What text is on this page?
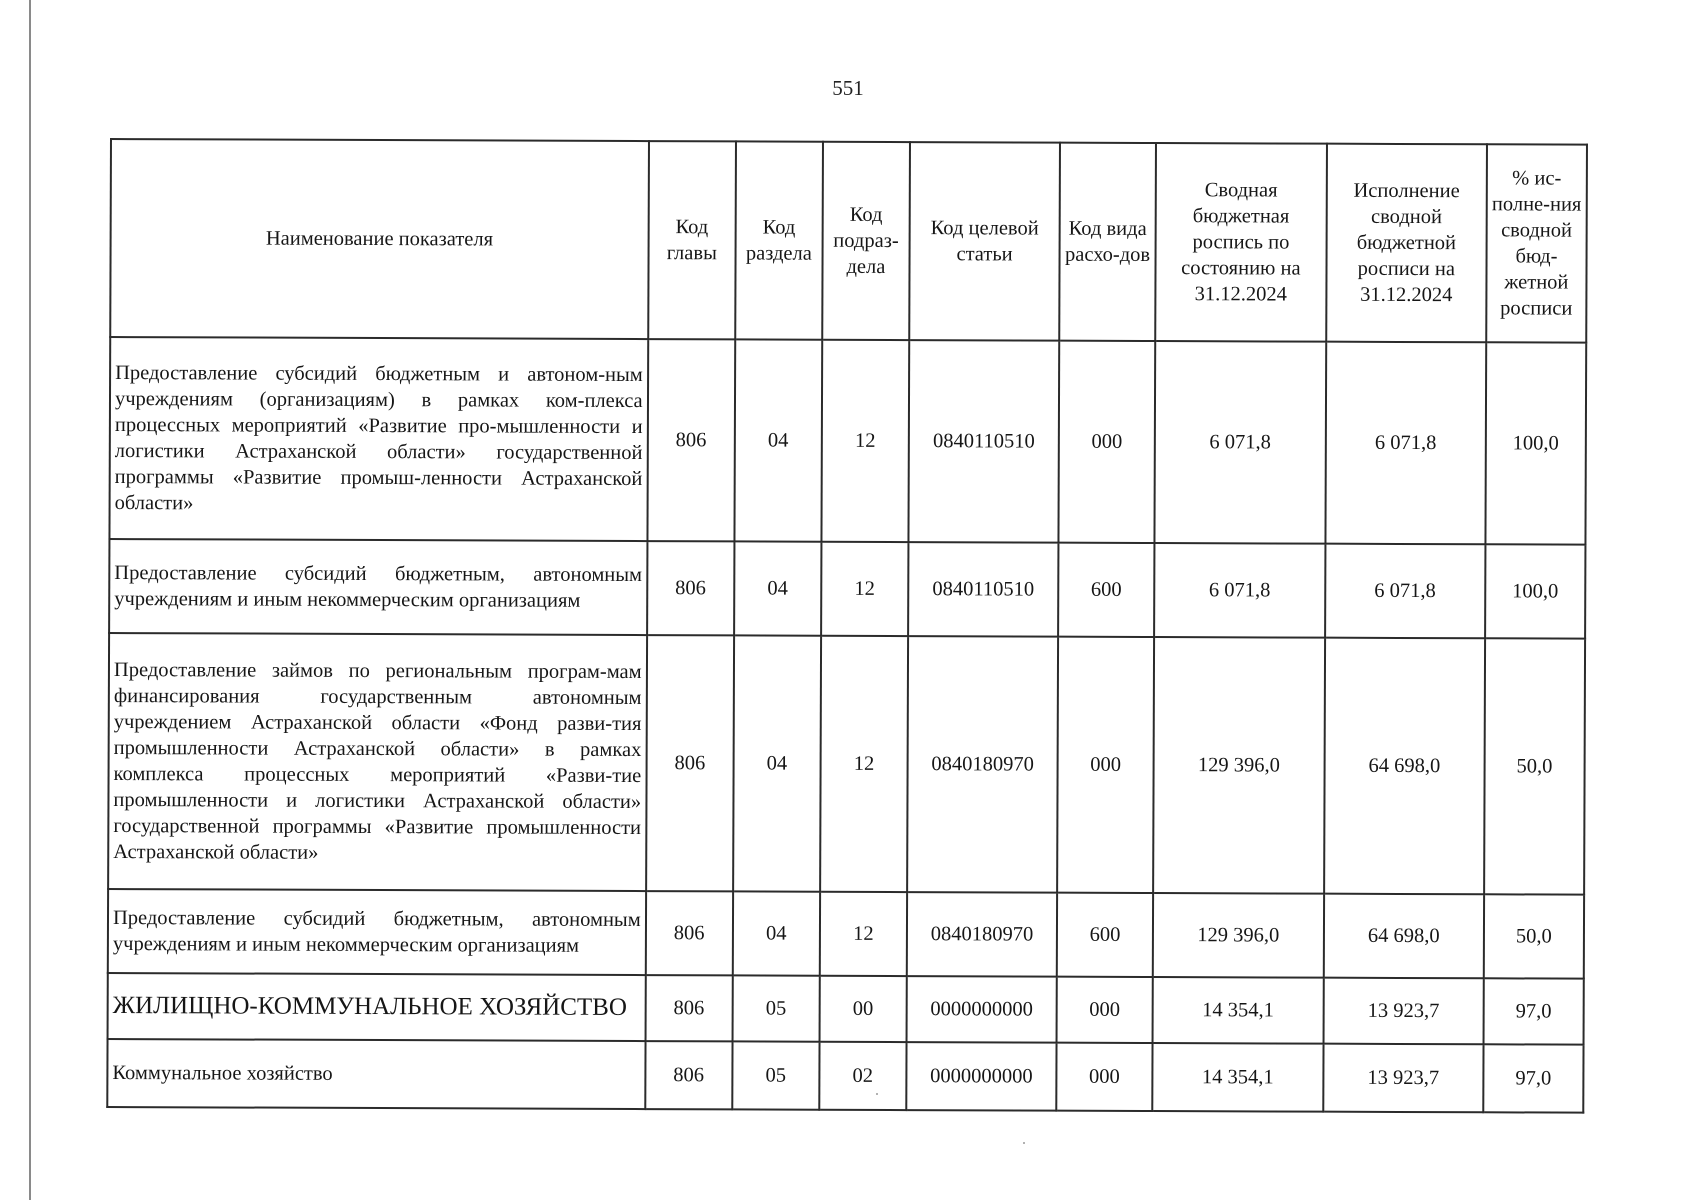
551
Наименование показателя	Код главы	Код раздела	Код подраз-дела	Код целевой статьи	Код вида расхо-дов	Сводная бюджетная роспись по состоянию на 31.12.2024	Исполнение сводной бюджетной росписи на 31.12.2024	% ис-полне-ния сводной бюд-жетной росписи
Предоставление субсидий бюджетным и автоном-ным учреждениям (организациям) в рамках ком-плекса процессных мероприятий «Развитие про-мышленности и логистики Астраханской области» государственной программы «Развитие промыш-ленности Астраханской области»	806	04	12	0840110510	000	6 071,8	6 071,8	100,0
Предоставление субсидий бюджетным, автономным учреждениям и иным некоммерческим организациям	806	04	12	0840110510	600	6 071,8	6 071,8	100,0
Предоставление займов по региональным програм-мам финансирования государственным автономным учреждением Астраханской области «Фонд разви-тия промышленности Астраханской области» в рамках комплекса процессных мероприятий «Разви-тие промышленности и логистики Астраханской области» государственной программы «Развитие промышленности Астраханской области»	806	04	12	0840180970	000	129 396,0	64 698,0	50,0
Предоставление субсидий бюджетным, автономным учреждениям и иным некоммерческим организациям	806	04	12	0840180970	600	129 396,0	64 698,0	50,0
ЖИЛИЩНО-КОММУНАЛЬНОЕ ХОЗЯЙСТВО	806	05	00	0000000000	000	14 354,1	13 923,7	97,0
Коммунальное хозяйство	806	05	02	0000000000	000	14 354,1	13 923,7	97,0
